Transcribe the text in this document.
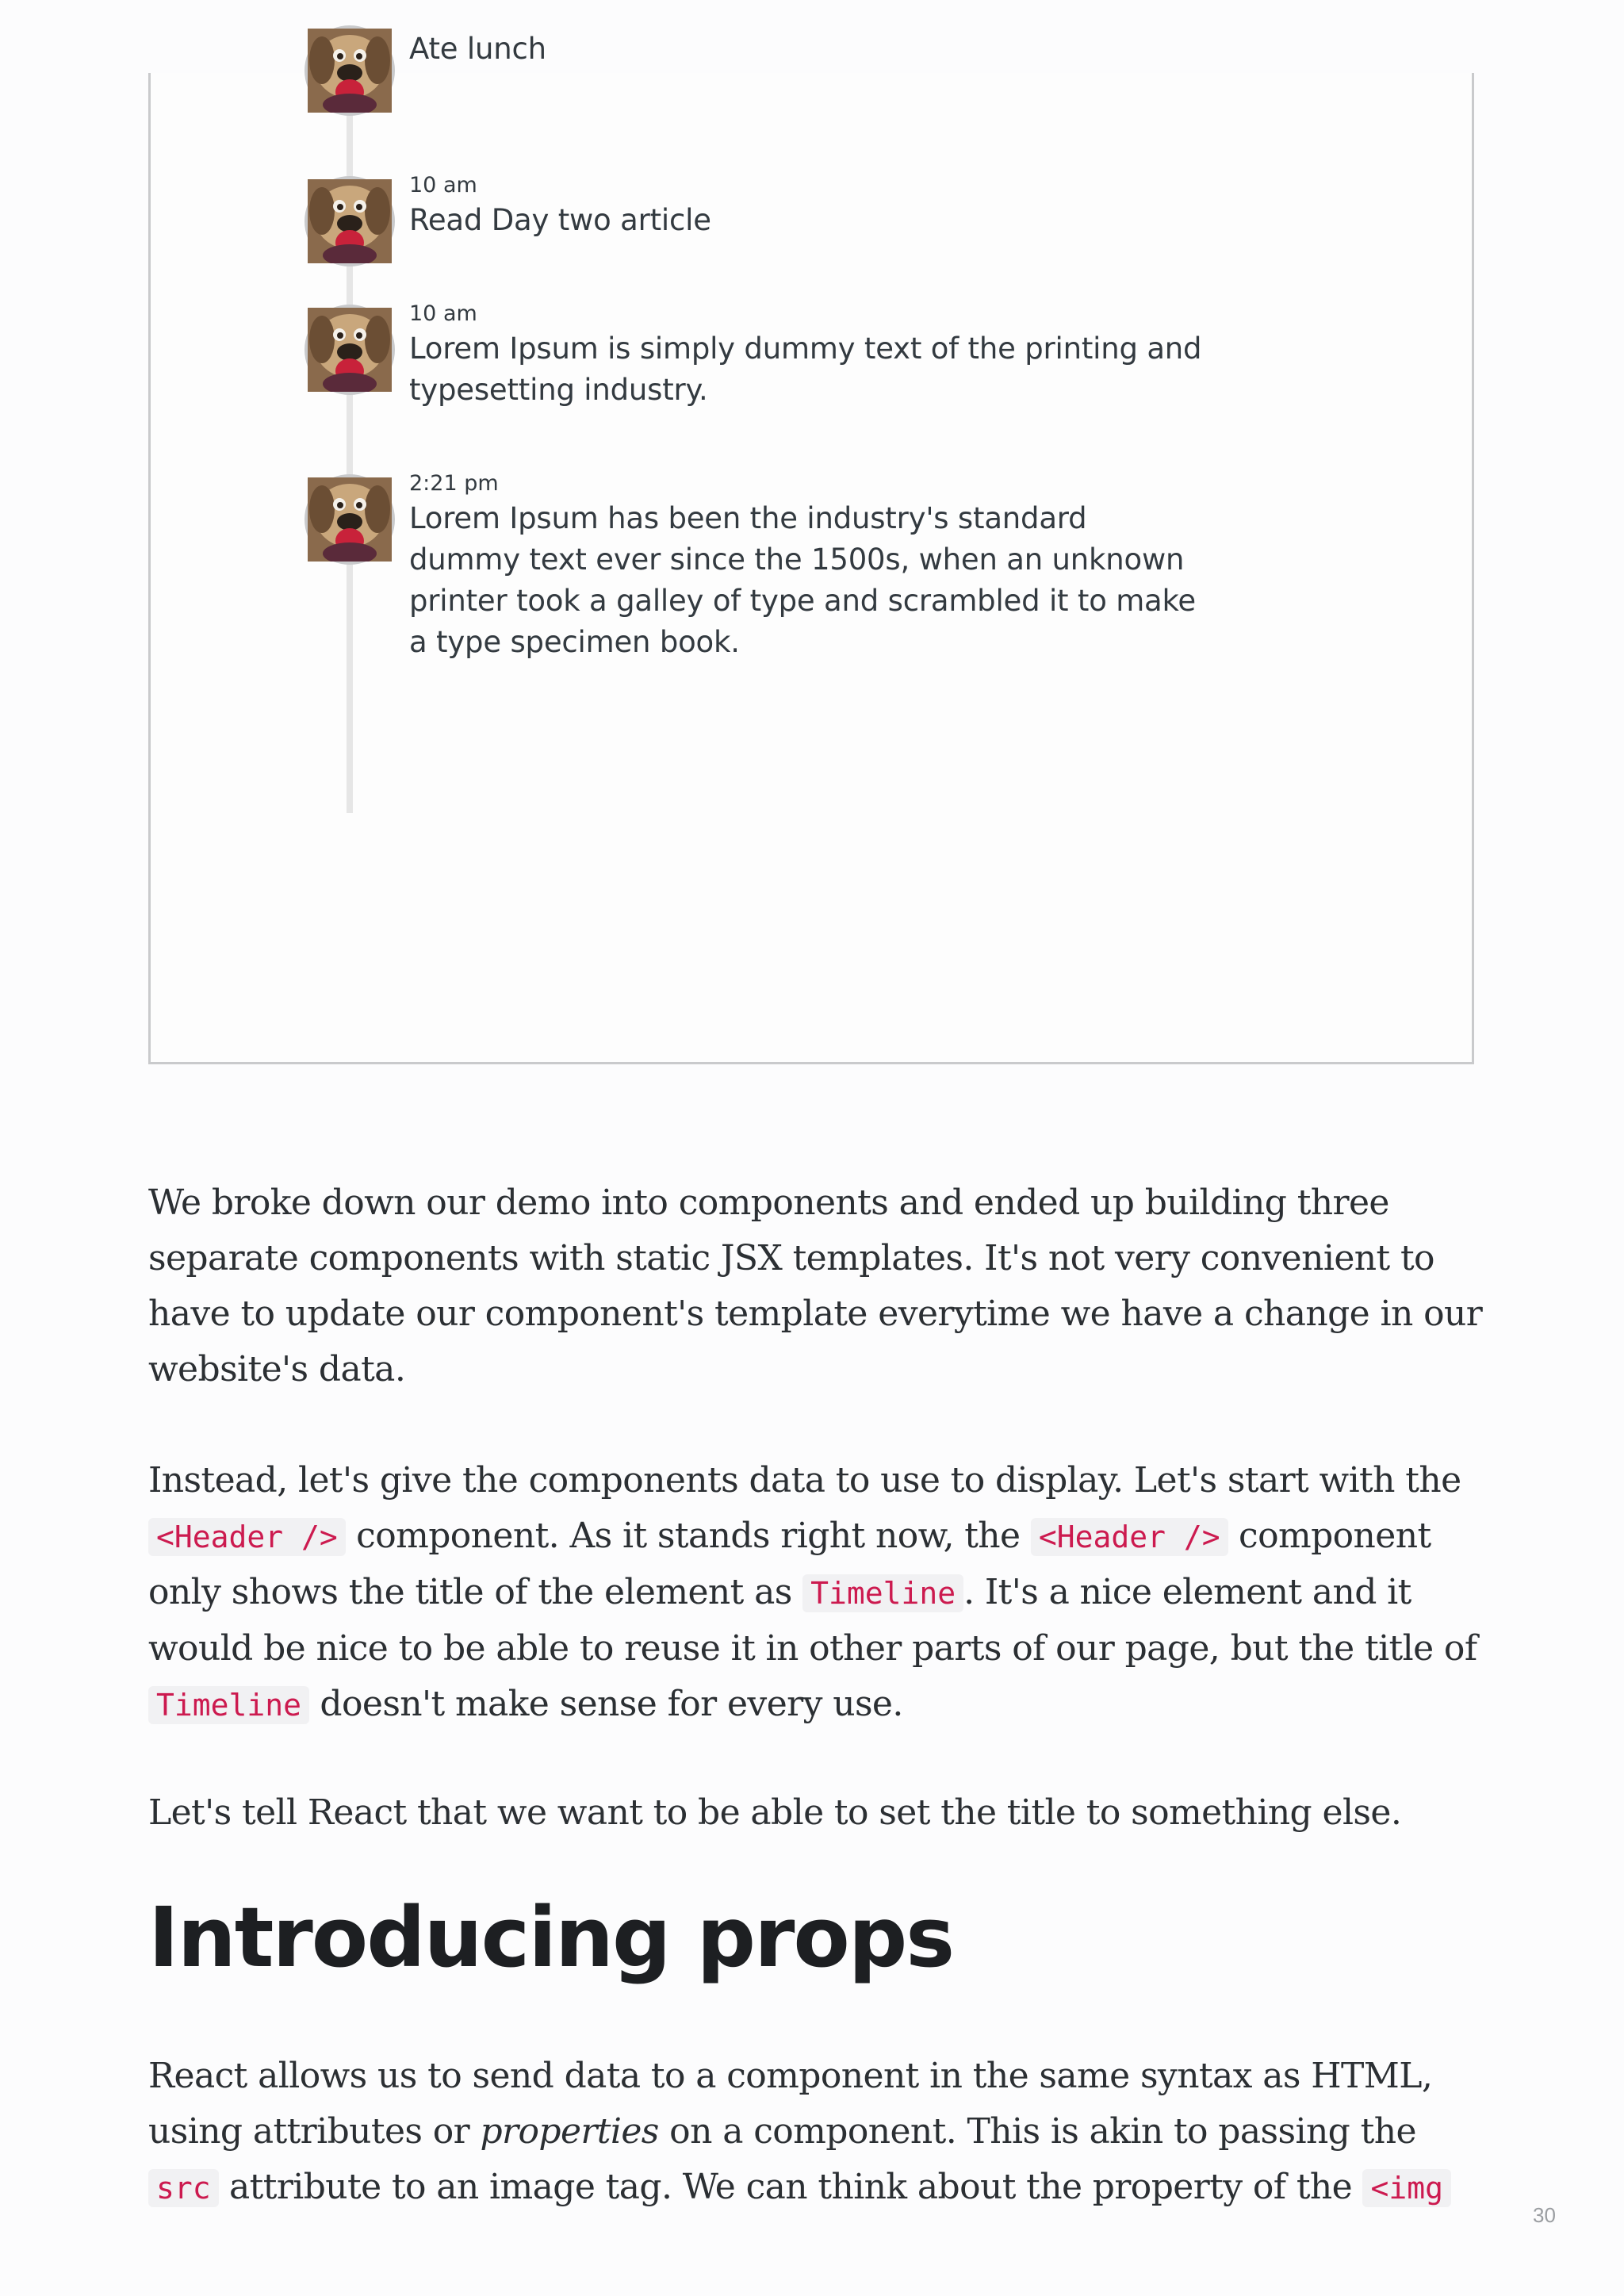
Ate lunch
10 am
Read Day two article
10 am
Lorem Ipsum is simply dummy text of the printing and typesetting industry.
2:21 pm
Lorem Ipsum has been the industry's standard dummy text ever since the 1500s, when an unknown printer took a galley of type and scrambled it to make a type specimen book.

We broke down our demo into components and ended up building three separate components with static JSX templates. It's not very convenient to have to update our component's template everytime we have a change in our website's data.

Instead, let's give the components data to use to display. Let's start with the <Header /> component. As it stands right now, the <Header /> component only shows the title of the element as Timeline . It's a nice element and it would be nice to be able to reuse it in other parts of our page, but the title of Timeline doesn't make sense for every use.

Let's tell React that we want to be able to set the title to something else.

Introducing props

React allows us to send data to a component in the same syntax as HTML, using attributes or properties on a component. This is akin to passing the src attribute to an image tag. We can think about the property of the <img

30
